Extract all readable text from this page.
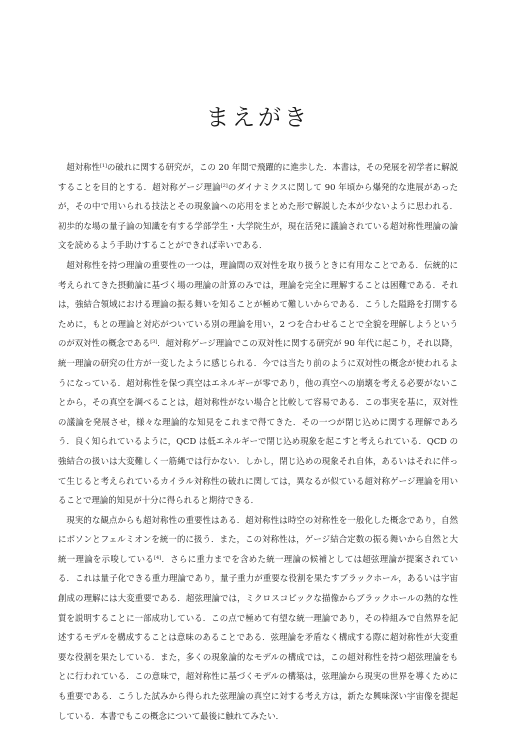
まえがき

超対称性[1]の破れに関する研究が，この 20 年間で飛躍的に進歩した．本書は，その発展を初学者に解説することを目的とする．超対称ゲージ理論[2]のダイナミクスに関して 90 年頃から爆発的な進展があったが，その中で用いられる技法とその現象論への応用をまとめた形で解説した本が少ないように思われる．初歩的な場の量子論の知識を有する学部学生・大学院生が，現在活発に議論されている超対称性理論の論文を読めるよう手助けすることができれば幸いである．

超対称性を持つ理論の重要性の一つは，理論間の双対性を取り扱うときに有用なことである．伝統的に考えられてきた摂動論に基づく場の理論の計算のみでは，理論を完全に理解することは困難である．それは，強結合領域における理論の振る舞いを知ることが極めて難しいからである．こうした隘路を打開するために，もとの理論と対応がついている別の理論を用い，2 つを合わせることで全貌を理解しようというのが双対性の概念である[3]．超対称ゲージ理論でこの双対性に関する研究が 90 年代に起こり，それ以降，統一理論の研究の仕方が一変したように感じられる．今では当たり前のように双対性の概念が使われるようになっている．超対称性を保つ真空はエネルギーが零であり，他の真空への崩壊を考える必要がないことから，その真空を調べることは，超対称性がない場合と比較して容易である．この事実を基に，双対性の議論を発展させ，様々な理論的な知見をこれまで得てきた．その一つが閉じ込めに関する理解であろう．良く知られているように，QCD は低エネルギーで閉じ込め現象を起こすと考えられている．QCD の強結合の扱いは大変難しく一筋縄では行かない．しかし，閉じ込めの現象それ自体，あるいはそれに伴って生じると考えられているカイラル対称性の破れに関しては，異なるが似ている超対称ゲージ理論を用いることで理論的知見が十分に得られると期待できる．

現実的な観点からも超対称性の重要性はある．超対称性は時空の対称性を一般化した概念であり，自然にボソンとフェルミオンを統一的に扱う．また，この対称性は，ゲージ結合定数の振る舞いから自然と大統一理論を示唆している[4]．さらに重力までを含めた統一理論の候補としては超弦理論が提案されている．これは量子化できる重力理論であり，量子重力が重要な役割を果たすブラックホール，あるいは宇宙創成の理解には大変重要である．超弦理論では，ミクロスコピックな描像からブラックホールの熱的な性質を説明することに一部成功している．この点で極めて有望な統一理論であり，その枠組みで自然界を記述するモデルを構成することは意味のあることである．弦理論を矛盾なく構成する際に超対称性が大変重要な役割を果たしている．また，多くの現象論的なモデルの構成では，この超対称性を持つ超弦理論をもとに行われている．この意味で，超対称性に基づくモデルの構築は，弦理論から現実の世界を導くためにも重要である．こうした試みから得られた弦理論の真空に対する考え方は，新たな興味深い宇宙像を提起している．本書でもこの概念について最後に触れてみたい．
